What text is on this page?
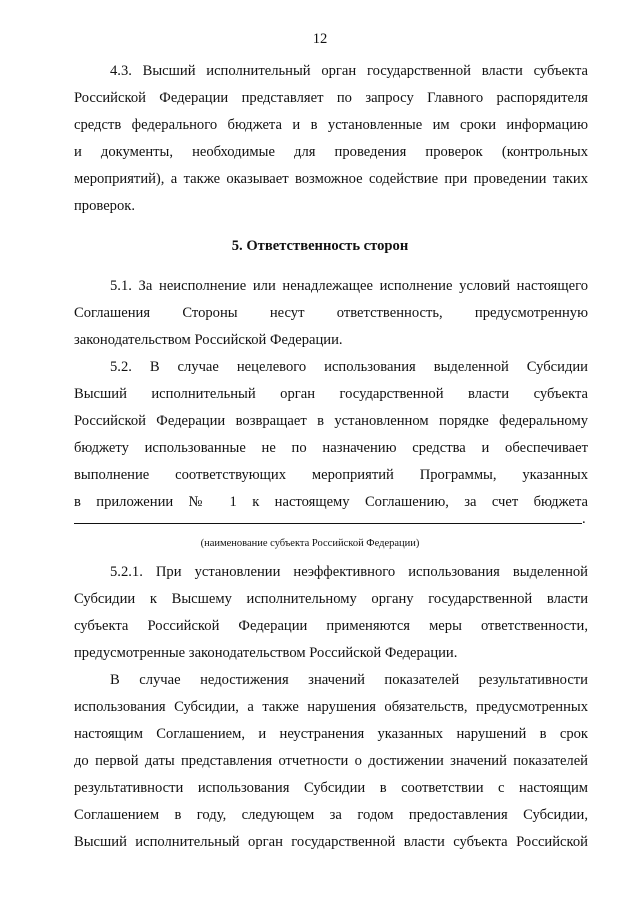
12
4.3. Высший исполнительный орган государственной власти субъекта
Российской Федерации представляет по запросу Главного распорядителя
средств федерального бюджета и в установленные им сроки информацию
и документы, необходимые для проведения проверок (контрольных
мероприятий), а также оказывает возможное содействие при проведении таких
проверок.
5. Ответственность сторон
5.1. За неисполнение или ненадлежащее исполнение условий настоящего
Соглашения Стороны несут ответственность, предусмотренную
законодательством Российской Федерации.
5.2. В случае нецелевого использования выделенной Субсидии
Высший исполнительный орган государственной власти субъекта
Российской Федерации возвращает в установленном порядке федеральному
бюджету использованные не по назначению средства и обеспечивает
выполнение соответствующих мероприятий Программы, указанных
в приложении № 1 к настоящему Соглашению, за счет бюджета
.
(наименование субъекта Российской Федерации)
5.2.1. При установлении неэффективного использования выделенной
Субсидии к Высшему исполнительному органу государственной власти
субъекта Российской Федерации применяются меры ответственности,
предусмотренные законодательством Российской Федерации.
В случае недостижения значений показателей результативности
использования Субсидии, а также нарушения обязательств, предусмотренных
настоящим Соглашением, и неустранения указанных нарушений в срок
до первой даты представления отчетности о достижении значений показателей
результативности использования Субсидии в соответствии с настоящим
Соглашением в году, следующем за годом предоставления Субсидии,
Высший исполнительный орган государственной власти субъекта Российской
